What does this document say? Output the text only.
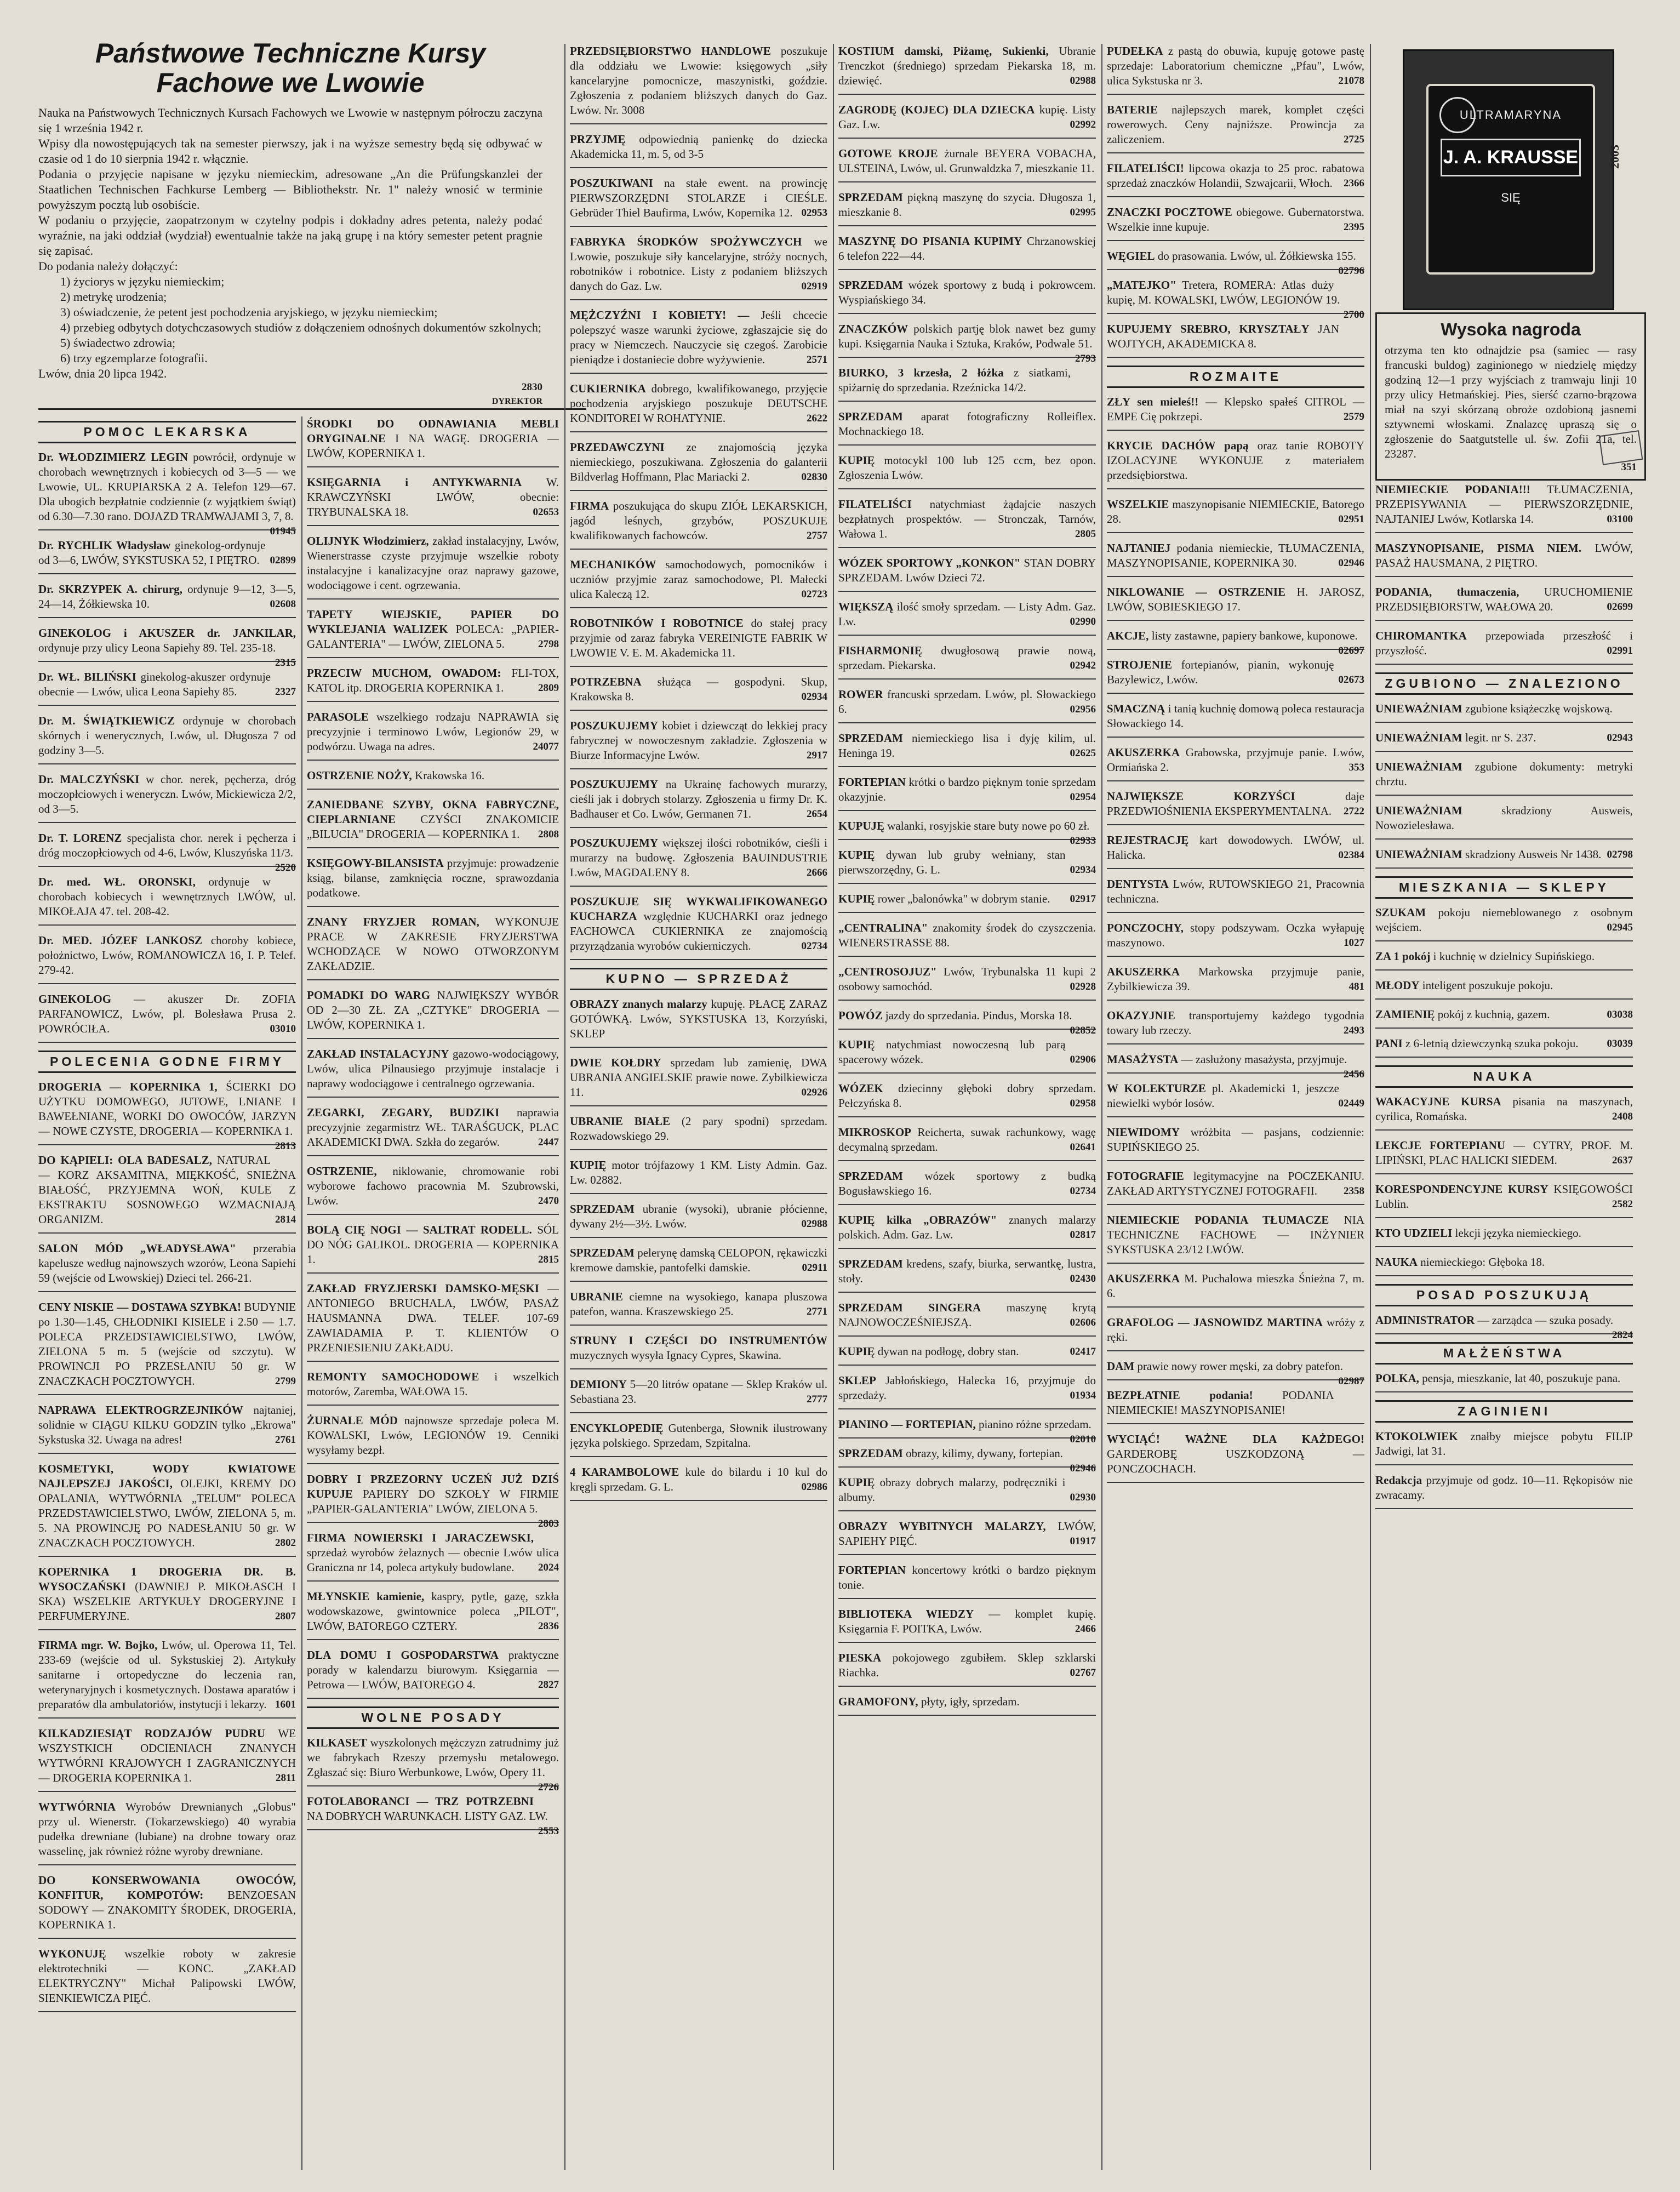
Państwowe Techniczne Kursy Fachowe we Lwowie

Nauka na Państwowych Technicznych Kursach Fachowych we Lwowie w następnym półroczu zaczyna się 1 września 1942 r.

Wpisy dla nowostępujących tak na semester pierwszy, jak i na wyższe semestry będą się odbywać w czasie od 1 do 10 sierpnia 1942 r. włącznie.

Podania o przyjęcie napisane w języku niemieckim, adresowane „An die Prüfungskanzlei der Staatlichen Technischen Fachkurse Lemberg — Bibliothekstr. Nr. 1" należy wnosić w terminie powyższym pocztą lub osobiście.

W podaniu o przyjęcie, zaopatrzonym w czytelny podpis i dokładny adres petenta, należy podać wyraźnie, na jaki oddział (wydział) ewentualnie także na jaką grupę i na który semester petent pragnie się zapisać.

Do podania należy dołączyć:

1) życiorys w języku niemieckim;

2) metrykę urodzenia;

3) oświadczenie, że petent jest pochodzenia aryjskiego, w języku niemieckim;

4) przebieg odbytych dotychczasowych studiów z dołączeniem odnośnych dokumentów szkolnych;

5) świadectwo zdrowia;

6) trzy egzemplarze fotografii.

Lwów, dnia 20 lipca 1942.

2830
DYREKTOR
POMOC LEKARSKA

Dr. WŁODZIMIERZ LEGIN powrócił, ordynuje w chorobach wewnętrznych i kobiecych od 3—5 — we Lwowie, UL. KRUPIARSKA 2 A. Telefon 129—67. Dla ubogich bezpłatnie codziennie (z wyjątkiem świąt) od 6.30—7.30 rano. DOJAZD TRAMWAJAMI 3, 7, 8.
01945

Dr. RYCHLIK Władysław ginekolog-ordynuje od 3—6, LWÓW, SYKSTUSKA 52, I PIĘTRO. 02899

Dr. SKRZYPEK A. chirurg, ordynuje 9—12, 3—5, 24—14, Żółkiewska 10.	02608

GINEKOLOG i AKUSZER dr. JANKILAR, ordynuje przy ulicy Leona Sapiehy 89. Tel. 235-18.
2315

Dr. WŁ. BILIŃSKI ginekolog-akuszer ordynuje obecnie — Lwów, ulica Leona Sapiehy 85.	2327

Dr. M. ŚWIĄTKIEWICZ ordynuje w chorobach skórnych i wenerycznych, Lwów, ul. Długosza 7 od godziny 3—5.

Dr. MALCZYŃSKI w chor. nerek, pęcherza, dróg moczopłciowych i weneryczn. Lwów, Mickiewicza 2/2, od 3—5.

Dr. T. LORENZ specjalista chor. nerek i pęcherza i dróg moczopłciowych od 4-6, Lwów, Kluszyńska 11/3.
2520

Dr. med. WŁ. ORONSKI, ordynuje w chorobach kobiecych i wewnętrznych LWÓW, ul. MIKOŁAJA 47. tel. 208-42.

Dr. MED. JÓZEF LANKOSZ choroby kobiece, położnictwo, Lwów, ROMANOWICZA 16, I. P. Telef. 279-42.

GINEKOLOG — akuszer Dr. ZOFIA PARFANOWICZ, Lwów, pl. Bolesława Prusa 2. POWRÓCIŁA.	03010

POLECENIA GODNE FIRMY

DROGERIA — KOPERNIKA 1, ŚCIERKI DO UŻYTKU DOMOWEGO, JUTOWE, LNIANE I BAWEŁNIANE, WORKI DO OWOCÓW, JARZYN — NOWE CZYSTE, DROGERIA — KOPERNIKA 1.
2813

DO KĄPIELI: OLA BADESALZ, NATURAL — KORZ AKSAMITNA, MIĘKKOŚĆ, SNIEŻNA BIAŁOŚĆ, PRZYJEMNA WOŃ, KULE Z EKSTRAKTU SOSNOWEGO WZMACNIAJĄ ORGANIZM.	2814

SALON MÓD „WŁADYSŁAWA" przerabia kapelusze według najnowszych wzorów, Leona Sapiehi 59 (wejście od Lwowskiej) Dzieci tel. 266-21.

CENY NISKIE — DOSTAWA SZYBKA! BUDYNIE po 1.30—1.45, CHŁODNIKI KISIELE i 2.50 — 1.7. POLECA PRZEDSTAWICIELSTWO, LWÓW, ZIELONA 5 m. 5 (wejście od szczytu). W PROWINCJI PO PRZESŁANIU 50 gr. W ZNACZKACH POCZTOWYCH.	2799

NAPRAWA ELEKTROGRZEJNIKÓW najtaniej, solidnie w CIĄGU KILKU GODZIN tylko „Ekrowa" Sykstuska 32. Uwaga na adres!	2761

KOSMETYKI, WODY KWIATOWE NAJLEPSZEJ JAKOŚCI, OLEJKI, KREMY DO OPALANIA, WYTWÓRNIA „TELUM" POLECA PRZEDSTAWICIELSTWO, LWÓW, ZIELONA 5, m. 5. NA PROWINCJĘ PO NADESŁANIU 50 gr. W ZNACZKACH POCZTOWYCH.	2802

KOPERNIKA 1 DROGERIA DR. B. WYSOCZAŃSKI (DAWNIEJ P. MIKOŁASCH I SKA) WSZELKIE ARTYKUŁY DROGERYJNE I PERFUMERYJNE.	2807

FIRMA mgr. W. Bojko, Lwów, ul. Operowa 11, Tel. 233-69 (wejście od ul. Sykstuskiej 2). Artykuły sanitarne i ortopedyczne do leczenia ran, weterynaryjnych i kosmetycznych. Dostawa aparatów i preparatów dla ambulatoriów, instytucji i lekarzy. 1601

KILKADZIESIĄT RODZAJÓW PUDRU WE WSZYSTKICH ODCIENIACH ZNANYCH WYTWÓRNI KRAJOWYCH I ZAGRANICZNYCH — DROGERIA KOPERNIKA 1.	2811

WYTWÓRNIA Wyrobów Drewnianych „Globus" przy ul. Wienerstr. (Tokarzewskiego) 40 wyrabia pudełka drewniane (lubiane) na drobne towary oraz wasselinę, jak również różne wyroby drewniane.

DO KONSERWOWANIA OWOCÓW, KONFITUR, KOMPOTÓW: BENZOESAN SODOWY — ZNAKOMITY ŚRODEK, DROGERIA, KOPERNIKA 1.

WYKONUJĘ wszelkie roboty w zakresie elektrotechniki — KONC. „ZAKŁAD ELEKTRYCZNY" Michał Palipowski LWÓW, SIENKIEWICZA PIĘĆ.

ŚRODKI DO ODNAWIANIA MEBLI ORYGINALNE I NA WAGĘ. DROGERIA — LWÓW, KOPERNIKA 1.

KSIĘGARNIA i ANTYKWARNIA W. KRAWCZYŃSKI LWÓW, obecnie: TRYBUNALSKA 18.	02653

OLIJNYK Włodzimierz, zakład instalacyjny, Lwów, Wienerstrasse czyste przyjmuje wszelkie roboty instalacyjne i kanalizacyjne oraz naprawy gazowe, wodociągowe i cent. ogrzewania.

TAPETY WIEJSKIE, PAPIER DO WYKLEJANIA WALIZEK POLECA: „PAPIER-GALANTERIA" — LWÓW, ZIELONA 5.	2798

PRZECIW MUCHOM, OWADOM: FLI-TOX, KATOL itp. DROGERIA KOPERNIKA 1.	2809

PARASOLE wszelkiego rodzaju NAPRAWIA się precyzyjnie i terminowo Lwów, Legionów 29, w podwórzu. Uwaga na adres.	24077

OSTRZENIE NOŻY, Krakowska 16.

ZANIEDBANE SZYBY, OKNA FABRYCZNE, CIEPLARNIANE CZYŚCI ZNAKOMICIE „BILUCIA" DROGERIA — KOPERNIKA 1.	2808

KSIĘGOWY-BILANSISTA przyjmuje: prowadzenie ksiąg, bilanse, zamknięcia roczne, sprawozdania podatkowe.

ZNANY FRYZJER ROMAN, WYKONUJE PRACE W ZAKRESIE FRYZJERSTWA WCHODZĄCE W NOWO OTWORZONYM ZAKŁADZIE.

POMADKI DO WARG NAJWIĘKSZY WYBÓR OD 2—30 ZŁ. ZA „CZTYKE" DROGERIA — LWÓW, KOPERNIKA 1.

ZAKŁAD INSTALACYJNY gazowo-wodociągowy, Lwów, ulica Pilnausiego przyjmuje instalacje i naprawy wodociągowe i centralnego ogrzewania.

ZEGARKI, ZEGARY, BUDZIKI naprawia precyzyjnie zegarmistrz WŁ. TARAŚGUCK, PLAC AKADEMICKI DWA. Szkła do zegarów.	2447

OSTRZENIE, niklowanie, chromowanie robi wyborowe fachowo pracownia M. Szubrowski, Lwów.	2470

BOLĄ CIĘ NOGI — SALTRAT RODELL. SÓL DO NÓG GALIKOL. DROGERIA — KOPERNIKA 1.	2815

ZAKŁAD FRYZJERSKI DAMSKO-MĘSKI — ANTONIEGO BRUCHALA, LWÓW, PASAŻ HAUSMANNA DWA. TELEF. 107-69 ZAWIADAMIA P. T. KLIENTÓW O PRZENIESIENIU ZAKŁADU.

REMONTY SAMOCHODOWE i wszelkich motorów, Zaremba, WAŁOWA 15.

ŻURNALE MÓD najnowsze sprzedaje poleca M. KOWALSKI, Lwów, LEGIONÓW 19. Cenniki wysyłamy bezpł.

DOBRY I PRZEZORNY UCZEŃ JUŻ DZIŚ KUPUJE PAPIERY DO SZKOŁY W FIRMIE „PAPIER-GALANTERIA" LWÓW, ZIELONA 5.
2803

FIRMA NOWIERSKI I JARACZEWSKI, sprzedaż wyrobów żelaznych — obecnie Lwów ulica Graniczna nr 14, poleca artykuły budowlane.	2024

MŁYNSKIE kamienie, kaspry, pytle, gazę, szkła wodowskazowe, gwintownice poleca „PILOT", LWÓW, BATOREGO CZTERY.	2836

DLA DOMU I GOSPODARSTWA praktyczne porady w kalendarzu biurowym. Księgarnia — Petrowa — LWÓW, BATOREGO 4.	2827

WOLNE POSADY

KILKASET wyszkolonych mężczyzn zatrudnimy już we fabrykach Rzeszy przemysłu metalowego. Zgłaszać się: Biuro Werbunkowe, Lwów, Opery 11.
2726

FOTOLABORANCI — TRZ POTRZEBNI NA DOBRYCH WARUNKACH. LISTY GAZ. LW.
2553

PRZEDSIĘBIORSTWO HANDLOWE poszukuje dla oddziału we Lwowie: księgowych „siły kancelaryjne pomocnicze, maszynistki, goździe. Zgłoszenia z podaniem bliższych danych do Gaz. Lwów. Nr. 3008

PRZYJMĘ odpowiednią panienkę do dziecka Akademicka 11, m. 5, od 3-5

POSZUKIWANI na stałe ewent. na prowincję PIERWSZORZĘDNI STOLARZE i CIEŚLE. Gebrüder Thiel Baufirma, Lwów, Kopernika 12. 02953

FABRYKA ŚRODKÓW SPOŻYWCZYCH we Lwowie, poszukuje siły kancelaryjne, stróży nocnych, robotników i robotnice. Listy z podaniem bliższych danych do Gaz. Lw.	02919

MĘŻCZYŹNI I KOBIETY! — Jeśli chcecie polepszyć wasze warunki życiowe, zgłaszajcie się do pracy w Niemczech. Nauczycie się czegoś. Zarobicie pieniądze i dostaniecie dobre wyżywienie.	2571

CUKIERNIKA dobrego, kwalifikowanego, przyjęcie pochodzenia aryjskiego poszukuje DEUTSCHE KONDITOREI W ROHATYNIE.	2622

PRZEDAWCZYNI ze znajomością języka niemieckiego, poszukiwana. Zgłoszenia do galanterii Bildverlag Hoffmann, Plac Mariacki 2.	02830

FIRMA poszukująca do skupu ZIÓŁ LEKARSKICH, jagód leśnych, grzybów, POSZUKUJE kwalifikowanych fachowców.	2757

MECHANIKÓW samochodowych, pomocników i uczniów przyjmie zaraz samochodowe, Pl. Małecki ulica Kaleczą 12.	02723

ROBOTNIKÓW I ROBOTNICE do stałej pracy przyjmie od zaraz fabryka VEREINIGTE FABRIK W LWOWIE V. E. M. Akademicka 11.

POTRZEBNA służąca — gospodyni. Skup, Krakowska 8.	02934

POSZUKUJEMY kobiet i dziewcząt do lekkiej pracy fabrycznej w nowoczesnym zakładzie. Zgłoszenia w Biurze Informacyjne Lwów.	2917

POSZUKUJEMY na Ukrainę fachowych murarzy, cieśli jak i dobrych stolarzy. Zgłoszenia u firmy Dr. K. Badhauser et Co. Lwów, Germanen 71.	2654

POSZUKUJEMY większej ilości robotników, cieśli i murarzy na budowę. Zgłoszenia BAUINDUSTRIE Lwów, MAGDALENY 8.	2666

POSZUKUJE SIĘ WYKWALIFIKOWANEGO KUCHARZA względnie KUCHARKI oraz jednego FACHOWCA CUKIERNIKA ze znajomością przyrządzania wyrobów cukierniczych.	02734

KUPNO — SPRZEDAŻ

OBRAZY znanych malarzy kupuję. PŁACĘ ZARAZ GOTÓWKĄ. Lwów, SYKSTUSKA 13, Korzyński, SKLEP

DWIE KOŁDRY sprzedam lub zamienię, DWA UBRANIA ANGIELSKIE prawie nowe. Zybilkiewicza 11.	02926

UBRANIE BIAŁE (2 pary spodni) sprzedam. Rozwadowskiego 29.

KUPIĘ motor trójfazowy 1 KM. Listy Admin. Gaz. Lw. 02882.

SPRZEDAM ubranie (wysoki), ubranie płócienne, dywany 2½—3½. Lwów.	02988

SPRZEDAM pelerynę damską CELOPON, rękawiczki kremowe damskie, pantofelki damskie.	02911

UBRANIE ciemne na wysokiego, kanapa pluszowa patefon, wanna. Kraszewskiego 25.	2771

STRUNY I CZĘŚCI DO INSTRUMENTÓW muzycznych wysyła Ignacy Cypres, Skawina.

DEMIONY 5—20 litrów opatane — Sklep Kraków ul. Sebastiana 23.	2777

ENCYKLOPEDIĘ Gutenberga, Słownik ilustrowany języka polskiego. Sprzedam, Szpitalna.

4 KARAMBOLOWE kule do bilardu i 10 kul do kręgli sprzedam. G. L.	02986

KOSTIUM damski, Piżamę, Sukienki, Ubranie Trenczkot (średniego) sprzedam Piekarska 18, m. dziewięć.	02988

ZAGRODĘ (KOJEC) DLA DZIECKA kupię. Listy Gaz. Lw.	02992

GOTOWE KROJE żurnale BEYERA VOBACHA, ULSTEINA, Lwów, ul. Grunwaldzka 7, mieszkanie 11.

SPRZEDAM piękną maszynę do szycia. Długosza 1, mieszkanie 8.	02995

MASZYNĘ DO PISANIA KUPIMY Chrzanowskiej 6 telefon 222—44.

SPRZEDAM wózek sportowy z budą i pokrowcem. Wyspiańskiego 34.

ZNACZKÓW polskich partję blok nawet bez gumy kupi. Księgarnia Nauka i Sztuka, Kraków, Podwale 51.
2793

BIURKO, 3 krzesła, 2 łóżka z siatkami, spiżarnię do sprzedania. Rzeźnicka 14/2.

SPRZEDAM aparat fotograficzny Rolleiflex. Mochnackiego 18.

KUPIĘ motocykl 100 lub 125 ccm, bez opon. Zgłoszenia Lwów.

FILATELIŚCI natychmiast żądajcie naszych bezpłatnych prospektów. — Stronczak, Tarnów, Wałowa 1.	2805

WÓZEK SPORTOWY „KONKON" STAN DOBRY SPRZEDAM. Lwów Dzieci 72.

WIĘKSZĄ ilość smoły sprzedam. — Listy Adm. Gaz. Lw.	02990

FISHARMONIĘ dwugłosową prawie nową, sprzedam. Piekarska.	02942

ROWER francuski sprzedam. Lwów, pl. Słowackiego 6.	02956

SPRZEDAM niemieckiego lisa i dyję kilim, ul. Heninga 19.	02625

FORTEPIAN krótki o bardzo pięknym tonie sprzedam okazyjnie.	02954

KUPUJĘ walanki, rosyjskie stare buty nowe po 60 zł.
02933

KUPIĘ dywan lub gruby wełniany, stan pierwszorzędny, G. L.	02934

KUPIĘ rower „balonówka" w dobrym stanie.	02917

„CENTRALINA" znakomity środek do czyszczenia. WIENERSTRASSE 88.

„CENTROSOJUZ" Lwów, Trybunalska 11 kupi 2 osobowy samochód.	02928

POWÓZ jazdy do sprzedania. Pindus, Morska 18.
02852

KUPIĘ natychmiast nowoczesną lub parą spacerowy wózek.	02906

WÓZEK dziecinny głęboki dobry sprzedam. Pełczyńska 8.	02958

MIKROSKOP Reicherta, suwak rachunkowy, wagę decymalną sprzedam.	02641

SPRZEDAM wózek sportowy z budką Bogusławskiego 16.	02734

KUPIĘ kilka „OBRAZÓW" znanych malarzy polskich. Adm. Gaz. Lw.	02817

SPRZEDAM kredens, szafy, biurka, serwantkę, lustra, stoły.	02430

SPRZEDAM SINGERA maszynę krytą NAJNOWOCZEŚNIEJSZĄ.	02606

KUPIĘ dywan na podłogę, dobry stan.	02417

SKLEP Jabłońskiego, Halecka 16, przyjmuje do sprzedaży.	01934

PIANINO — FORTEPIAN, pianino różne sprzedam.
02010

SPRZEDAM obrazy, kilimy, dywany, fortepian.
02946

KUPIĘ obrazy dobrych malarzy, podręczniki i albumy.	02930

OBRAZY WYBITNYCH MALARZY, LWÓW, SAPIEHY PIĘĆ.	01917

FORTEPIAN koncertowy krótki o bardzo pięknym tonie.

BIBLIOTEKA WIEDZY — komplet kupię. Księgarnia F. POITKA, Lwów.	2466

PIESKA pokojowego zgubiłem. Sklep szklarski Riachka.	02767

GRAMOFONY, płyty, igły, sprzedam.

PUDEŁKA z pastą do obuwia, kupuję gotowe pastę sprzedaje: Laboratorium chemiczne „Pfau", Lwów, ulica Sykstuska nr 3.	21078

BATERIE najlepszych marek, komplet części rowerowych. Ceny najniższe. Prowincja za zaliczeniem.	2725

FILATELIŚCI! lipcowa okazja to 25 proc. rabatowa sprzedaż znaczków Holandii, Szwajcarii, Włoch.	2366

ZNACZKI POCZTOWE obiegowe. Gubernatorstwa. Wszelkie inne kupuje.	2395

WĘGIEL do prasowania. Lwów, ul. Żółkiewska 155.
02796

„MATEJKO" Tretera, ROMERA: Atlas duży kupię, M. KOWALSKI, LWÓW, LEGIONÓW 19.
2700

KUPUJEMY SREBRO, KRYSZTAŁY JAN WOJTYCH, AKADEMICKA 8.

ROZMAITE

ZŁY sen mieleś!! — Klepsko spałeś CITROL — EMPE Cię pokrzepi.	2579

KRYCIE DACHÓW papą oraz tanie ROBOTY IZOLACYJNE WYKONUJE z materiałem przedsiębiorstwa.

WSZELKIE maszynopisanie NIEMIECKIE, Batorego 28.	02951

NAJTANIEJ podania niemieckie, TŁUMACZENIA, MASZYNOPISANIE, KOPERNIKA 30.	02946

NIKLOWANIE — OSTRZENIE H. JAROSZ, LWÓW, SOBIESKIEGO 17.

AKCJE, listy zastawne, papiery bankowe, kuponowe.
02697

STROJENIE fortepianów, pianin, wykonuję Bazylewicz, Lwów.	02673

SMACZNĄ i tanią kuchnię domową poleca restauracja Słowackiego 14.

AKUSZERKA Grabowska, przyjmuje panie. Lwów, Ormiańska 2.	353

NAJWIĘKSZE KORZYŚCI	daje PRZEDWIOŚNIENIA EKSPERYMENTALNA.	2722

REJESTRACJĘ kart dowodowych. LWÓW, ul. Halicka.	02384

DENTYSTA Lwów, RUTOWSKIEGO 21, Pracownia techniczna.

PONCZOCHY, stopy podszywam. Oczka wyłapuję maszynowo.	1027

AKUSZERKA Markowska przyjmuje panie, Zybilkiewicza 39.	481

OKAZYJNIE transportujemy każdego tygodnia towary lub rzeczy.	2493

MASAŻYSTA — zasłużony masażysta, przyjmuje.
2456

W KOLEKTURZE pl. Akademicki 1, jeszcze niewielki wybór losów.	02449

NIEWIDOMY wróżbita — pasjans, codziennie: SUPIŃSKIEGO 25.

FOTOGRAFIE legitymacyjne na POCZEKANIU. ZAKŁAD ARTYSTYCZNEJ FOTOGRAFII.	2358

NIEMIECKIE PODANIA TŁUMACZE NIA TECHNICZNE FACHOWE — INŻYNIER SYKSTUSKA 23/12 LWÓW.

AKUSZERKA M. Puchalowa mieszka Śnieżna 7, m. 6.

GRAFOLOG — JASNOWIDZ MARTINA wróży z ręki.

DAM prawie nowy rower męski, za dobry patefon.
02987

BEZPŁATNIE podania!	PODANIA NIEMIECKIE! MASZYNOPISANIE!

WYCIĄĆ! WAŻNE DLA KAŻDEGO! GARDEROBĘ USZKODZONĄ — PONCZOCHACH.

NIEMIECKIE PODANIA!!! TŁUMACZENIA, PRZEPISYWANIA — PIERWSZORZĘDNIE, NAJTANIEJ Lwów, Kotlarska 14.	03100

MASZYNOPISANIE, PISMA NIEM. LWÓW, PASAŻ HAUSMANA, 2 PIĘTRO.

PODANIA, tłumaczenia, URUCHOMIENIE PRZEDSIĘBIORSTW, WAŁOWA 20.	02699

CHIROMANTKA przepowiada przeszłość i przyszłość.	02991

ZGUBIONO — ZNALEZIONO

UNIEWAŻNIAM zgubione książeczkę wojskową.

UNIEWAŻNIAM legit. nr S. 237.	02943

UNIEWAŻNIAM zgubione dokumenty: metryki chrztu.

UNIEWAŻNIAM	skradziony Ausweis, Nowozielesława.

UNIEWAŻNIAM skradziony Ausweis Nr 1438. 02798

MIESZKANIA — SKLEPY

SZUKAM pokoju niemeblowanego z osobnym wejściem.	02945

ZA 1 pokój i kuchnię w dzielnicy Supińskiego.

MŁODY inteligent poszukuje pokoju.

ZAMIENIĘ pokój z kuchnią, gazem.	03038

PANI z 6-letnią dziewczynką szuka pokoju.	03039

NAUKA

WAKACYJNE KURSA pisania na maszynach, cyrilica, Romańska.	2408

LEKCJE FORTEPIANU — CYTRY, PROF. M. LIPIŃSKI, PLAC HALICKI SIEDEM.	2637

KORESPONDENCYJNE KURSY KSIĘGOWOŚCI Lublin.	2582

KTO UDZIELI lekcji języka niemieckiego.

NAUKA niemieckiego: Głęboka 18.

POSAD POSZUKUJĄ

ADMINISTRATOR — zarządca — szuka posady.
2824

MAŁŻEŃSTWA

POLKA, pensja, mieszkanie, lat 40, poszukuje pana.

ZAGINIENI

KTOKOLWIEK znałby miejsce pobytu FILIP Jadwigi, lat 31.

Redakcja przyjmuje od godz. 10—11. Rękopisów nie zwracamy.

ULTRAMARYNA
J. A. KRAUSSE
SIĘ
2003
Wysoka nagroda

otrzyma ten kto odnajdzie psa (samiec — rasy francuski buldog) zaginionego w niedzielę między godziną 12—1 przy wyjściach z tramwaju linji 10 przy ulicy Hetmańskiej. Pies, sierść czarno-brązowa miał na szyi skórzaną obroże ozdobioną jasnemi sztywnemi włoskami. Znalazcę upraszą się o zgłoszenie do Saatgutstelle ul. św. Zofii 21a, tel. 23287.

351
